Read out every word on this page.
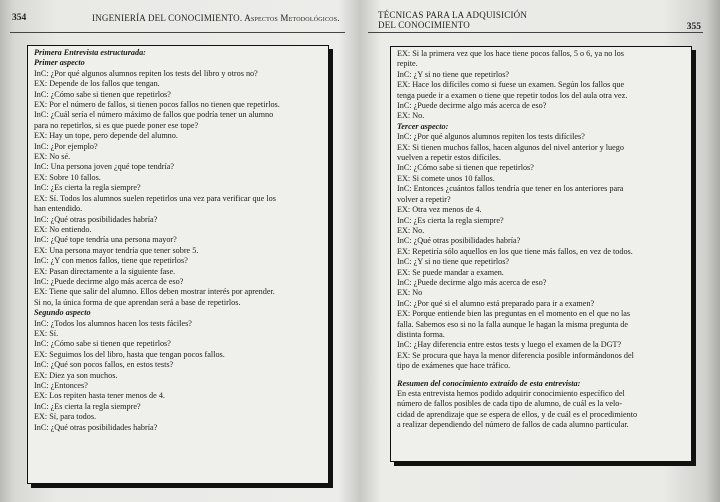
354	INGENIERÍA DEL CONOCIMIENTO. Aspectos Metodológicos.
Primera Entrevista estructurada:
Primer aspecto
InC: ¿Por qué algunos alumnos repiten los tests del libro y otros no?
EX: Depende de los fallos que tengan.
InC: ¿Cómo sabe si tienen que repetirlos?
EX: Por el número de fallos, si tienen pocos fallos no tienen que repetirlos.
InC: ¿Cuál sería el número máximo de fallos que podría tener un alumno
para no repetirlos, si es que puede poner ese tope?
EX: Hay un tope, pero depende del alumno.
InC: ¿Por ejemplo?
EX: No sé.
InC: Una persona joven ¿qué tope tendría?
EX: Sobre 10 fallos.
InC: ¿Es cierta la regla siempre?
EX: Sí. Todos los alumnos suelen repetirlos una vez para verificar que los
han entendido.
InC: ¿Qué otras posibilidades habría?
EX: No entiendo.
InC: ¿Qué tope tendría una persona mayor?
EX: Una persona mayor tendría que tener sobre 5.
InC: ¿Y con menos fallos, tiene que repetirlos?
EX: Pasan directamente a la siguiente fase.
InC: ¿Puede decirme algo más acerca de eso?
EX: Tiene que salir del alumno. Ellos deben mostrar interés por aprender.
Si no, la única forma de que aprendan será a base de repetirlos.
Segundo aspecto
InC: ¿Todos los alumnos hacen los tests fáciles?
EX: Sí.
InC: ¿Cómo sabe si tienen que repetirlos?
EX: Seguimos los del libro, hasta que tengan pocos fallos.
InC: ¿Qué son pocos fallos, en estos tests?
EX: Diez ya son muchos.
InC: ¿Entonces?
EX: Los repiten hasta tener menos de 4.
InC: ¿Es cierta la regla siempre?
EX: Sí, para todos.
InC: ¿Qué otras posibilidades habría?
TÉCNICAS PARA LA ADQUISICIÓN
DEL CONOCIMIENTO	355
EX: Si la primera vez que los hace tiene pocos fallos, 5 o 6, ya no los
repite.
InC: ¿Y si no tiene que repetirlos?
EX: Hace los difíciles como si fuese un examen. Según los fallos que
tenga puede ir a examen o tiene que repetir todos los del aula otra vez.
InC: ¿Puede decirme algo más acerca de eso?
EX: No.
Tercer aspecto:
InC: ¿Por qué algunos alumnos repiten los tests difíciles?
EX: Si tienen muchos fallos, hacen algunos del nivel anterior y luego
vuelven a repetir estos difíciles.
InC: ¿Cómo sabe si tienen que repetirlos?
EX: Si comete unos 10 fallos.
InC: Entonces ¿cuántos fallos tendría que tener en los anteriores para
volver a repetir?
EX: Otra vez menos de 4.
InC: ¿Es cierta la regla siempre?
EX: No.
InC: ¿Qué otras posibilidades habría?
EX: Repetiría sólo aquellos en los que tiene más fallos, en vez de todos.
InC: ¿Y si no tiene que repetirlos?
EX: Se puede mandar a examen.
InC: ¿Puede decirme algo más acerca de eso?
EX: No
InC: ¿Por qué si el alumno está preparado para ir a examen?
EX: Porque entiende bien las preguntas en el momento en el que no las
falla. Sabemos eso si no la falla aunque le hagan la misma pregunta de
distinta forma.
InC: ¿Hay diferencia entre estos tests y luego el examen de la DGT?
EX: Se procura que haya la menor diferencia posible informándonos del
tipo de exámenes que hace tráfico.
Resumen del conocimiento extraído de esta entrevista:
En esta entrevista hemos podido adquirir conocimiento específico del
número de fallos posibles de cada tipo de alumno, de cuál es la velo-
cidad de aprendizaje que se espera de ellos, y de cuál es el procedimiento
a realizar dependiendo del número de fallos de cada alumno particular.
